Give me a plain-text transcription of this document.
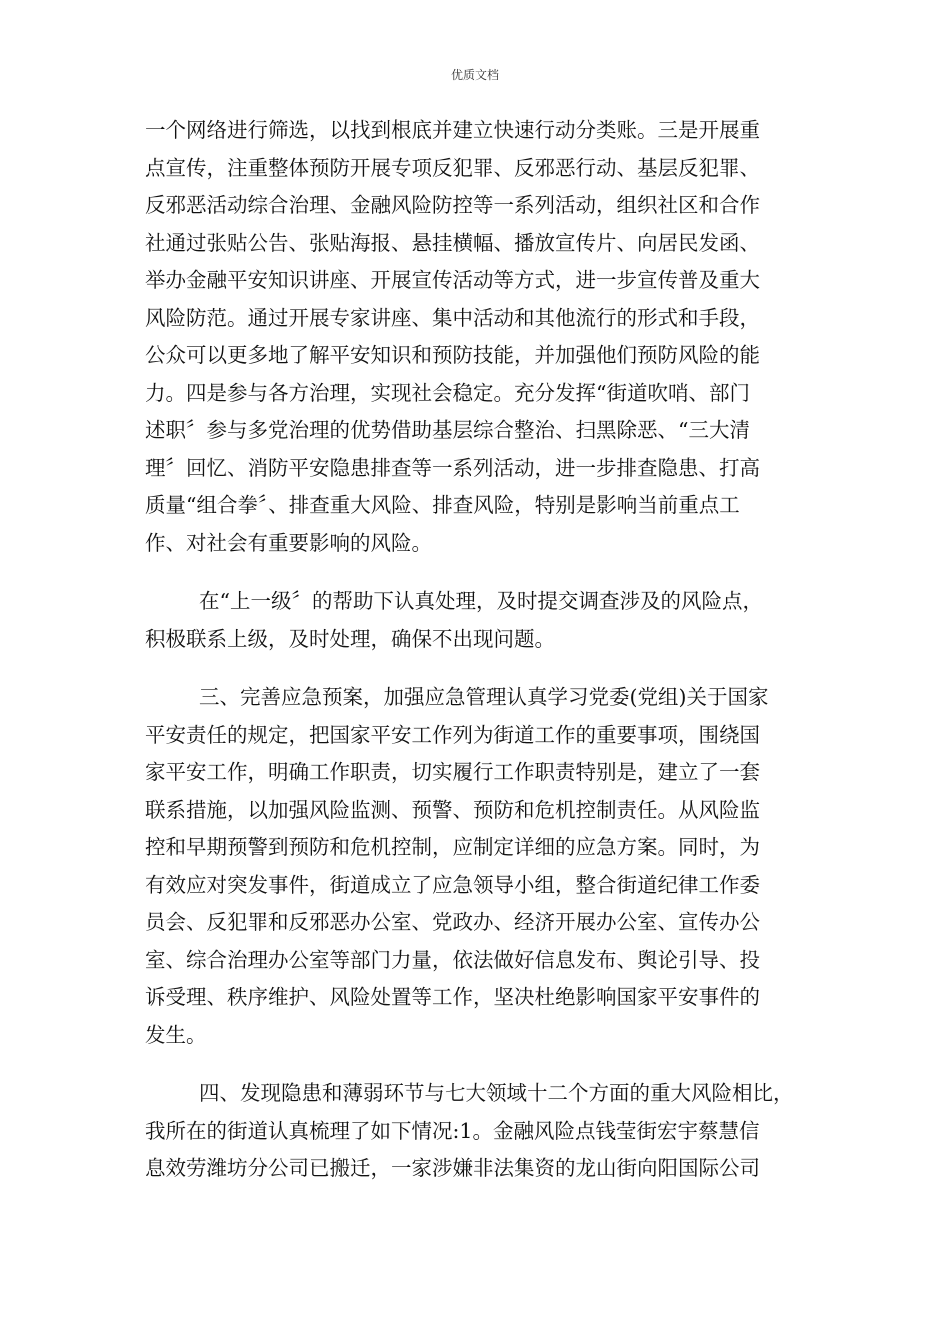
优质文档
一个网络进行筛选，以找到根底并建立快速行动分类账。三是开展重
点宣传，注重整体预防开展专项反犯罪、反邪恶行动、基层反犯罪、
反邪恶活动综合治理、金融风险防控等一系列活动，组织社区和合作
社通过张贴公告、张贴海报、悬挂横幅、播放宣传片、向居民发函、
举办金融平安知识讲座、开展宣传活动等方式，进一步宣传普及重大
风险防范。通过开展专家讲座、集中活动和其他流行的形式和手段，
公众可以更多地了解平安知识和预防技能，并加强他们预防风险的能
力。四是参与各方治理，实现社会稳定。充分发挥“街道吹哨、部门
述职〞参与多党治理的优势借助基层综合整治、扫黑除恶、“三大清
理〞回忆、消防平安隐患排查等一系列活动，进一步排查隐患、打高
质量“组合拳〞、排查重大风险、排查风险，特别是影响当前重点工
作、对社会有重要影响的风险。
在“上一级〞的帮助下认真处理，及时提交调查涉及的风险点，
积极联系上级，及时处理，确保不出现问题。
三、完善应急预案，加强应急管理认真学习党委(党组)关于国家
平安责任的规定，把国家平安工作列为街道工作的重要事项，围绕国
家平安工作，明确工作职责，切实履行工作职责特别是，建立了一套
联系措施，以加强风险监测、预警、预防和危机控制责任。从风险监
控和早期预警到预防和危机控制，应制定详细的应急方案。同时，为
有效应对突发事件，街道成立了应急领导小组，整合街道纪律工作委
员会、反犯罪和反邪恶办公室、党政办、经济开展办公室、宣传办公
室、综合治理办公室等部门力量，依法做好信息发布、舆论引导、投
诉受理、秩序维护、风险处置等工作，坚决杜绝影响国家平安事件的
发生。
四、发现隐患和薄弱环节与七大领域十二个方面的重大风险相比，
我所在的街道认真梳理了如下情况:1。金融风险点钱莹街宏宇蔡慧信
息效劳潍坊分公司已搬迁，一家涉嫌非法集资的龙山街向阳国际公司
